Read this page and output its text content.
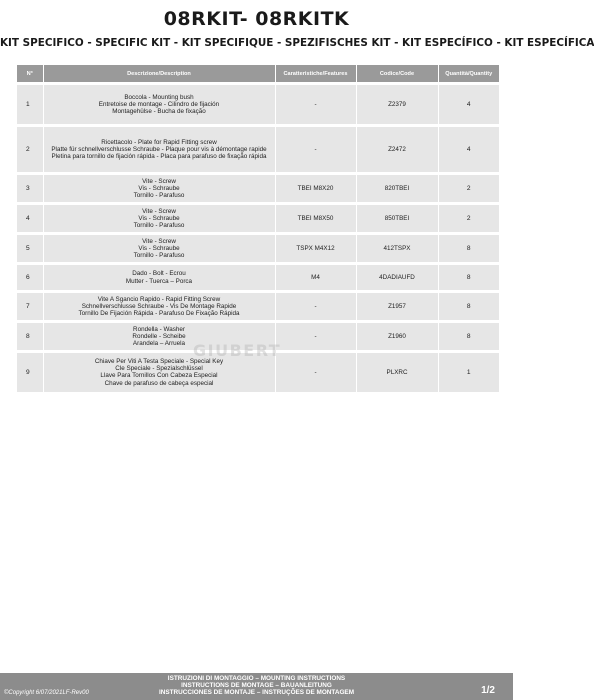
08RKIT- 08RKITK
KIT SPECIFICO - SPECIFIC KIT - KIT SPECIFIQUE - SPEZIFISCHES KIT - KIT ESPECÍFICO - KIT ESPECÍFICA
N°	Descrizione/Description	Caratteristiche/Features	Codice/Code	Quantità/Quantity
1	Boccola - Mounting bush
Entretoise de montage - Cilindro de fijación
Montagehülse - Bucha de fixação	-	Z2379	4
2	Ricettacolo - Plate for Rapid Fitting screw
Platte für schnellverschlusse Schraube - Plaque pour vis à démontage rapide
Pletina para tornillo de fijación rápida - Placa para parafuso de fixação rápida	-	Z2472	4
3	Vite - Screw
Vis - Schraube
Tornillo - Parafuso	TBEI M8X20	820TBEI	2
4	Vite - Screw
Vis - Schraube
Tornillo - Parafuso	TBEI M8X50	850TBEI	2
5	Vite - Screw
Vis - Schraube
Tornillo - Parafuso	TSPX M4X12	412TSPX	8
6	Dado - Bolt - Ecrou
Mutter - Tuerca – Porca	M4	4DADIAUFD	8
7	Vite A Sgancio Rapido - Rapid Fitting Screw
Schnellverschlusse Schraube - Vis De Montage Rapide
Tornillo De Fijación Rápida - Parafuso De Fixação Rápida	-	Z1957	8
8	Rondella - Washer
Rondelle - Scheibe
Arandela – Arruela	-	Z1960	8
9	Chiave Per Viti A Testa Speciale - Special Key
Cle Speciale - Spezialschlüssel
Llave Para Tornillos Con Cabeza Especial
Chave de parafuso de cabeça especial	-	PLXRC	1
GIUBERT
ISTRUZIONI DI MONTAGGIO – MOUNTING INSTRUCTIONS
INSTRUCTIONS DE MONTAGE – BAUANLEITUNG
INSTRUCCIONES DE MONTAJE – INSTRUÇÕES DE MONTAGEM
©Copyright 6/07/2021LF-Rev00	1/2
